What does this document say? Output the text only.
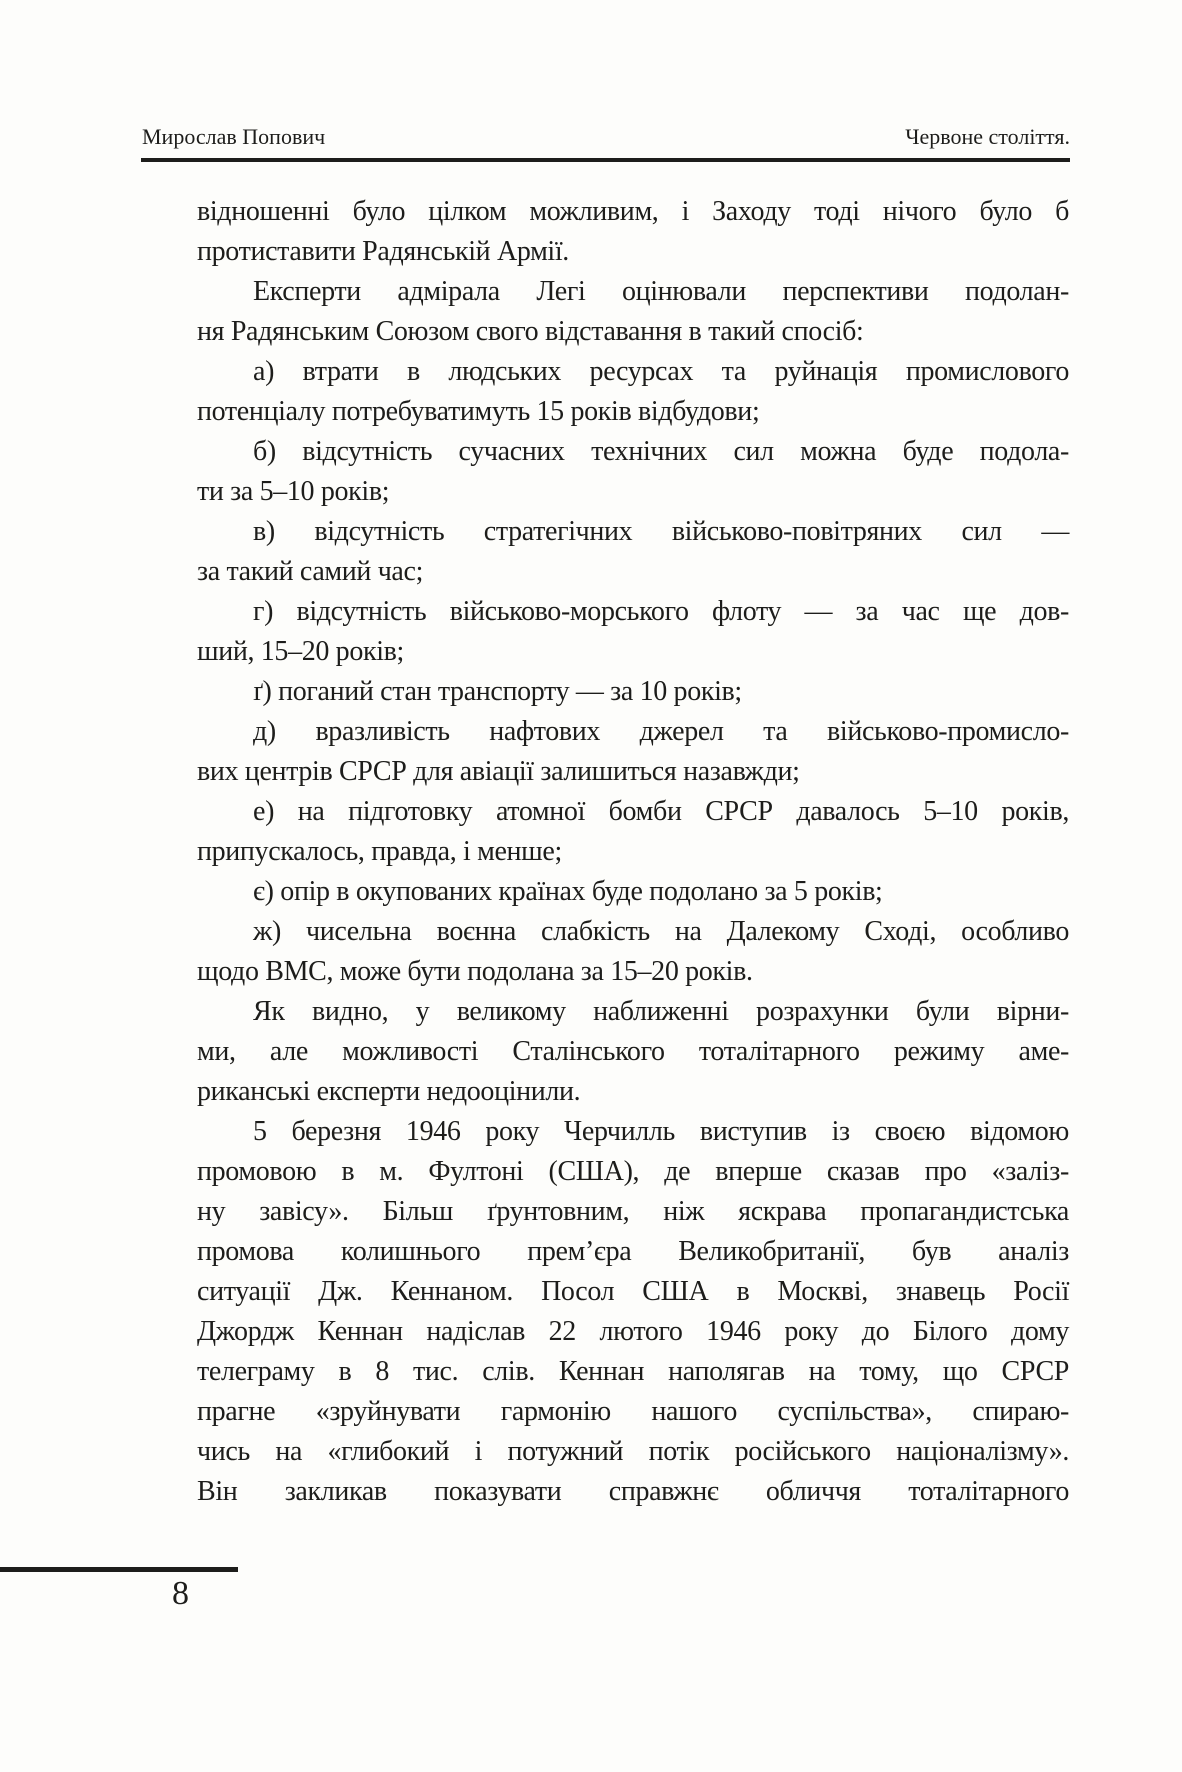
Мирослав Попович	Червоне століття.

відношенні було цілком можливим, і Заходу тоді нічого було б
протиставити Радянській Армії.

Експерти адмірала Легі оцінювали перспективи подолан-
ня Радянським Союзом свого відставання в такий спосіб:

а) втрати в людських ресурсах та руйнація промислового
потенціалу потребуватимуть 15 років відбудови;

б) відсутність сучасних технічних сил можна буде подола-
ти за 5–10 років;

в) відсутність стратегічних військово-повітряних сил —
за такий самий час;

г) відсутність військово-морського флоту — за час ще дов-
ший, 15–20 років;

ґ) поганий стан транспорту — за 10 років;

д) вразливість нафтових джерел та військово-промисло-
вих центрів СРСР для авіації залишиться назавжди;

е) на підготовку атомної бомби СРСР давалось 5–10 років,
припускалось, правда, і менше;

є) опір в окупованих країнах буде подолано за 5 років;

ж) чисельна воєнна слабкість на Далекому Сході, особливо
щодо ВМС, може бути подолана за 15–20 років.

Як видно, у великому наближенні розрахунки були вірни-
ми, але можливості Сталінського тоталітарного режиму аме-
риканські експерти недооцінили.

5 березня 1946 року Черчилль виступив із своєю відомою
промовою в м. Фултоні (США), де вперше сказав про «заліз-
ну завісу». Більш ґрунтовним, ніж яскрава пропагандистська
промова колишнього прем’єра Великобританії, був аналіз
ситуації Дж. Кеннаном. Посол США в Москві, знавець Росії
Джордж Кеннан надіслав 22 лютого 1946 року до Білого дому
телеграму в 8 тис. слів. Кеннан наполягав на тому, що СРСР
прагне «зруйнувати гармонію нашого суспільства», спираю-
чись на «глибокий і потужний потік російського націоналізму».
Він закликав показувати справжнє обличчя тоталітарного

8
